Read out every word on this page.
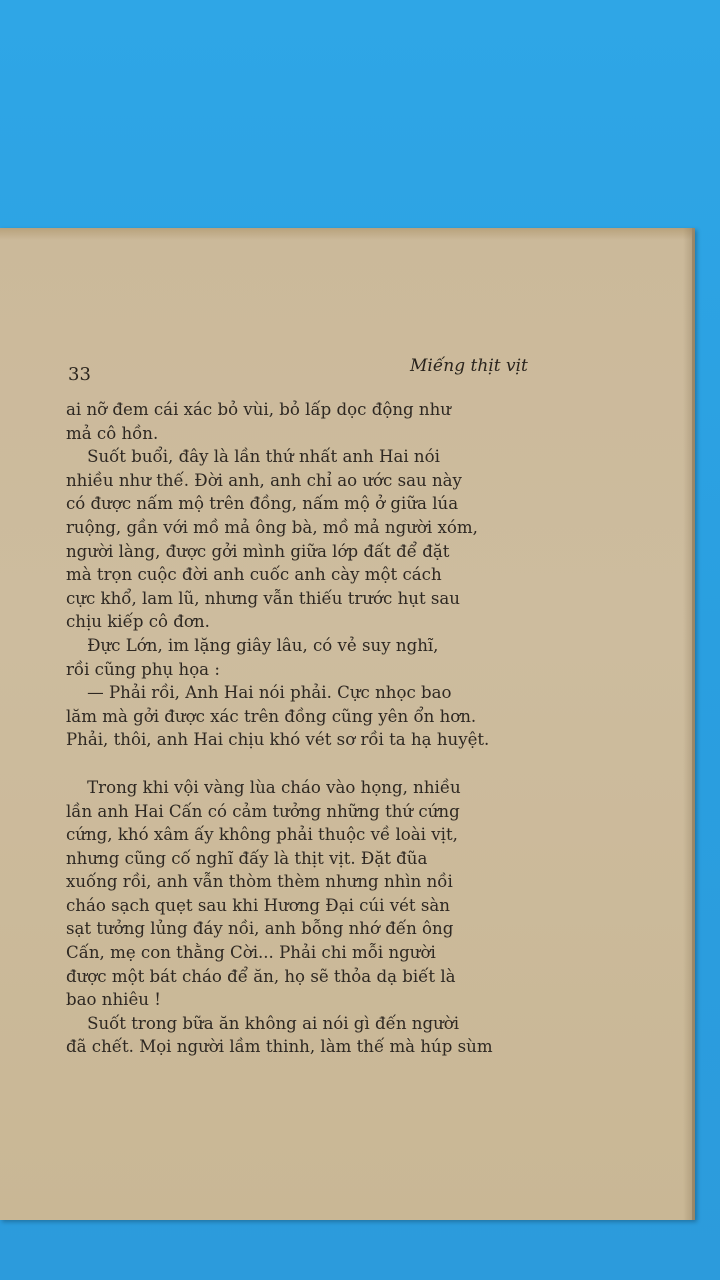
33	Miếng thịt vịt
ai nỡ đem cái xác bỏ vùi, bỏ lấp dọc động như
mả cô hồn.
Suốt buổi, đây là lần thứ nhất anh Hai nói
nhiều như thế. Đời anh, anh chỉ ao ước sau này
có được nấm mộ trên đồng, nấm mộ ở giữa lúa
ruộng, gần với mồ mả ông bà, mồ mả người xóm,
người làng, được gởi mình giữa lớp đất để đặt
mà trọn cuộc đời anh cuốc anh cày một cách
cực khổ, lam lũ, nhưng vẫn thiếu trước hụt sau
chịu kiếp cô đơn.
Đực Lớn, im lặng giây lâu, có vẻ suy nghĩ,
rồi cũng phụ họa :
— Phải rồi, Anh Hai nói phải. Cực nhọc bao
lăm mà gởi được xác trên đồng cũng yên ổn hơn.
Phải, thôi, anh Hai chịu khó vét sơ rồi ta hạ huyệt.
Trong khi vội vàng lùa cháo vào họng, nhiều
lần anh Hai Cấn có cảm tưởng những thứ cứng
cứng, khó xâm ấy không phải thuộc về loài vịt,
nhưng cũng cố nghĩ đấy là thịt vịt. Đặt đũa
xuống rồi, anh vẫn thòm thèm nhưng nhìn nồi
cháo sạch quẹt sau khi Hương Đại cúi vét sàn
sạt tưởng lủng đáy nồi, anh bỗng nhớ đến ông
Cấn, mẹ con thằng Cời... Phải chi mỗi người
được một bát cháo để ăn, họ sẽ thỏa dạ biết là
bao nhiêu !
Suốt trong bữa ăn không ai nói gì đến người
đã chết. Mọi người lầm thinh, làm thế mà húp sùm
